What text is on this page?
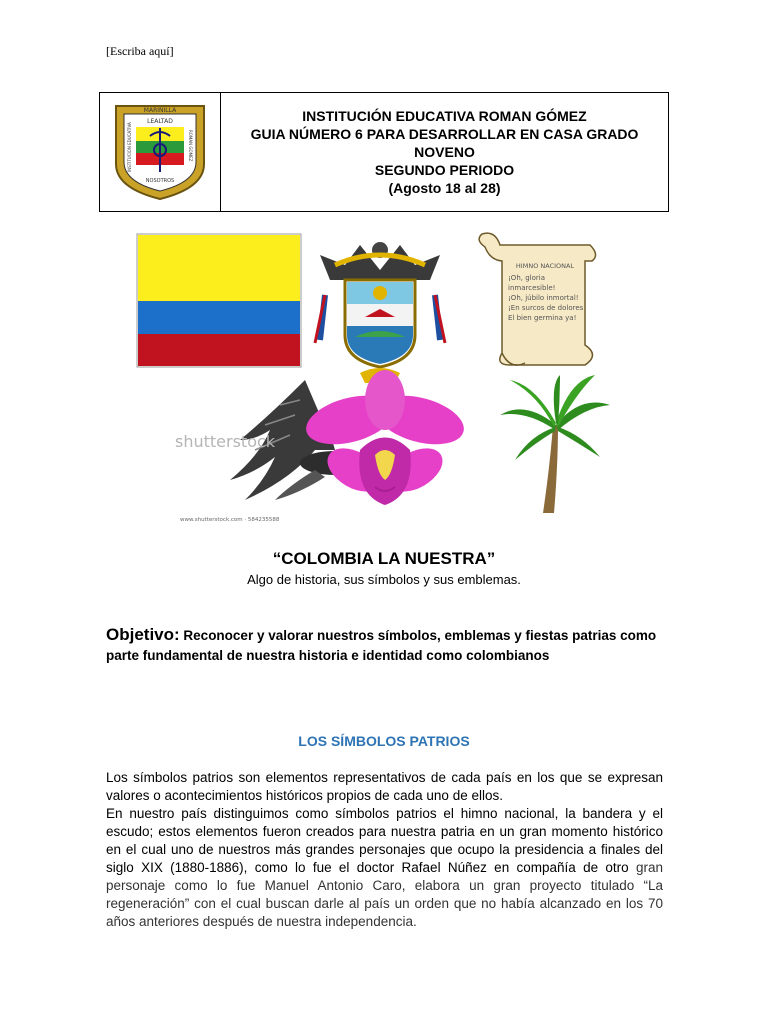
[Escriba aquí]
MARINILLA
LEALTAD
INSTITUCION EDUCATIVA	ROMAN GOMEZ
NOSOTROS
INSTITUCIÓN EDUCATIVA ROMAN GÓMEZ
GUIA NÚMERO 6 PARA DESARROLLAR EN CASA GRADO
NOVENO
SEGUNDO PERIODO
(Agosto 18 al 28)
HIMNO NACIONAL
¡Oh, gloria
inmarcesible!
¡Oh, júbilo inmortal!
¡En surcos de dolores
El bien germina ya!
shutterstock
www.shutterstock.com · 584235588
“COLOMBIA LA NUESTRA”
Algo de historia, sus símbolos y sus emblemas.
Objetivo: Reconocer y valorar nuestros símbolos, emblemas y fiestas patrias como parte fundamental de nuestra historia e identidad como colombianos
LOS SÍMBOLOS PATRIOS

Los símbolos patrios son elementos representativos de cada país en los que se expresan valores o acontecimientos históricos propios de cada uno de ellos.

En nuestro país distinguimos como símbolos patrios el himno nacional, la bandera y el escudo; estos elementos fueron creados para nuestra patria en un gran momento histórico en el cual uno de nuestros más grandes personajes que ocupo la presidencia a finales del siglo XIX (1880-1886), como lo fue el doctor Rafael Núñez en compañía de otro gran personaje como lo fue Manuel Antonio Caro, elabora un gran proyecto titulado “La regeneración” con el cual buscan darle al país un orden que no había alcanzado en los 70 años anteriores después de nuestra independencia.
